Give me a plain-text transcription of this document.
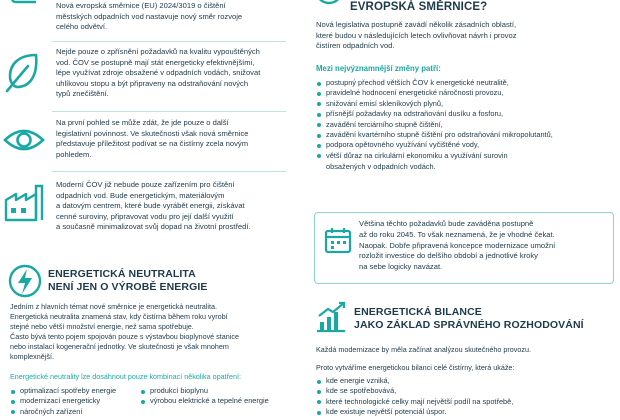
Nová evropská směrnice (EU) 2024/3019 o čištění
městských odpadních vod nastavuje nový směr rozvoje
celého odvětví.
Nejde pouze o zpřísnění požadavků na kvalitu vypouštěných
vod. ČOV se postupně mají stát energeticky efektivnějšími,
lépe využívat zdroje obsažené v odpadních vodách, snižovat
uhlíkovou stopu a být připraveny na odstraňování nových
typů znečištění.
Na první pohled se může zdát, že jde pouze o další
legislativní povinnost. Ve skutečnosti však nová směrnice
představuje příležitost podívat se na čistírny zcela novým
pohledem.
Moderní ČOV již nebude pouze zařízením pro čištění
odpadních vod. Bude energetickým, materiálovým
a datovým centrem, které bude vyrábět energii, získávat
cenné suroviny, připravovat vodu pro její další využití
a současně minimalizovat svůj dopad na životní prostředí.
ENERGETICKÁ NEUTRALITA
NENÍ JEN O VÝROBĚ ENERGIE
Jedním z hlavních témat nové směrnice je energetická neutralita.
Energetická neutralita znamená stav, kdy čistírna během roku vyrobí
stejné nebo větší množství energie, než sama spotřebuje.
Často bývá tento pojem spojován pouze s výstavbou bioplynové stanice
nebo instalací kogenerační jednotky. Ve skutečnosti je však mnohem
komplexnější.
Energetické neutrality lze dosáhnout pouze kombinací několika opatření:
optimalizací spotřeby energie
modernizací energeticky
náročných zařízení
produkcí bioplynu
výrobou elektrické a tepelné energie
EVROPSKÁ SMĚRNICE?
Nová legislativa postupně zavádí několik zásadních oblastí,
které budou v následujících letech ovlivňovat návrh i provoz
čistíren odpadních vod.
Mezi nejvýznamnější změny patří:
postupný přechod větších ČOV k energetické neutralitě,
pravidelné hodnocení energetické náročnosti provozu,
snižování emisí skleníkových plynů,
přísnější požadavky na odstraňování dusíku a fosforu,
zavádění terciárního stupně čištění,
zavádění kvartérního stupně čištění pro odstraňování mikropolutantů,
podpora opětovného využívání vyčištěné vody,
větší důraz na cirkulární ekonomiku a využívání surovin
obsažených v odpadních vodách.
Většina těchto požadavků bude zaváděna postupně
až do roku 2045. To však neznamená, že je vhodné čekat.
Naopak. Dobře připravená koncepce modernizace umožní
rozložit investice do delšího období a jednotlivé kroky
na sebe logicky navázat.
ENERGETICKÁ BILANCE
JAKO ZÁKLAD SPRÁVNÉHO ROZHODOVÁNÍ
Každá modernizace by měla začínat analýzou skutečného provozu.
Proto vytváříme energetickou bilanci celé čistírny, která ukáže:
kde energie vzniká,
kde se spotřebovává,
které technologické celky mají největší podíl na spotřebě,
kde existuje největší potenciál úspor.
